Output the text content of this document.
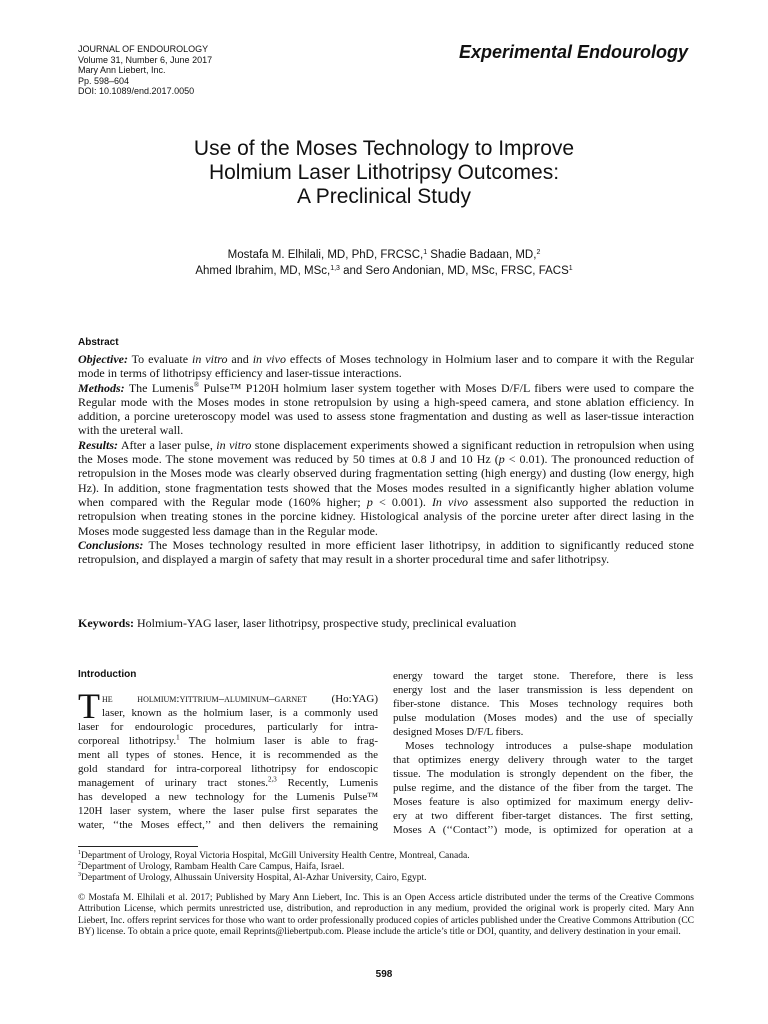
JOURNAL OF ENDOUROLOGY
Volume 31, Number 6, June 2017
Mary Ann Liebert, Inc.
Pp. 598–604
DOI: 10.1089/end.2017.0050
Experimental Endourology
Use of the Moses Technology to Improve
Holmium Laser Lithotripsy Outcomes:
A Preclinical Study
Mostafa M. Elhilali, MD, PhD, FRCSC,$^1$ Shadie Badaan, MD,$^2$
Ahmed Ibrahim, MD, MSc,$^{1,3}$ and Sero Andonian, MD, MSc, FRSC, FACS$^1$
Abstract

Objective: To evaluate in vitro and in vivo effects of Moses technology in Holmium laser and to compare it with the Regular mode in terms of lithotripsy efficiency and laser-tissue interactions.

Methods: The Lumenis® Pulse™ P120H holmium laser system together with Moses D/F/L fibers were used to compare the Regular mode with the Moses modes in stone retropulsion by using a high-speed camera, and stone ablation efficiency. In addition, a porcine ureteroscopy model was used to assess stone fragmentation and dusting as well as laser-tissue interaction with the ureteral wall.

Results: After a laser pulse, in vitro stone displacement experiments showed a significant reduction in retropulsion when using the Moses mode. The stone movement was reduced by 50 times at 0.8 J and 10 Hz (p < 0.01). The pronounced reduction of retropulsion in the Moses mode was clearly observed during fragmentation setting (high energy) and dusting (low energy, high Hz). In addition, stone fragmentation tests showed that the Moses modes resulted in a significantly higher ablation volume when compared with the Regular mode (160% higher; p < 0.001). In vivo assessment also supported the reduction in retropulsion when treating stones in the porcine kidney. Histological analysis of the porcine ureter after direct lasing in the Moses mode suggested less damage than in the Regular mode.

Conclusions: The Moses technology resulted in more efficient laser lithotripsy, in addition to significantly reduced stone retropulsion, and displayed a margin of safety that may result in a shorter procedural time and safer lithotripsy.

Keywords: Holmium-YAG laser, laser lithotripsy, prospective study, preclinical evaluation
Introduction
T he holmium:yittrium–aluminum–garnet (Ho:YAG)
laser, known as the holmium laser, is a commonly used
laser for endourologic procedures, particularly for intra-
corporeal lithotripsy.$^1$ The holmium laser is able to frag-
ment all types of stones. Hence, it is recommended as the
gold standard for intra-corporeal lithotripsy for endoscopic
management of urinary tract stones.$^{2,3}$ Recently, Lumenis
has developed a new technology for the Lumenis Pulse™
120H laser system, where the laser pulse first separates the
water, ‘‘the Moses effect,’’ and then delivers the remaining
energy toward the target stone. Therefore, there is less
energy lost and the laser transmission is less dependent on
fiber-stone distance. This Moses technology requires both
pulse modulation (Moses modes) and the use of specially
designed Moses D/F/L fibers.
Moses technology introduces a pulse-shape modulation
that optimizes energy delivery through water to the target
tissue. The modulation is strongly dependent on the fiber, the
pulse regime, and the distance of the fiber from the target. The
Moses feature is also optimized for maximum energy deliv-
ery at two different fiber-target distances. The first setting,
Moses A (‘‘Contact’’) mode, is optimized for operation at a
$^1$Department of Urology, Royal Victoria Hospital, McGill University Health Centre, Montreal, Canada.
$^2$Department of Urology, Rambam Health Care Campus, Haifa, Israel.
$^3$Department of Urology, Alhussain University Hospital, Al-Azhar University, Cairo, Egypt.
© Mostafa M. Elhilali et al. 2017; Published by Mary Ann Liebert, Inc. This is an Open Access article distributed under the terms of the Creative Commons Attribution License, which permits unrestricted use, distribution, and reproduction in any medium, provided the original work is properly cited. Mary Ann Liebert, Inc. offers reprint services for those who want to order professionally produced copies of articles published under the Creative Commons Attribution (CC BY) license. To obtain a price quote, email Reprints@liebertpub.com. Please include the article’s title or DOI, quantity, and delivery destination in your email.
598
